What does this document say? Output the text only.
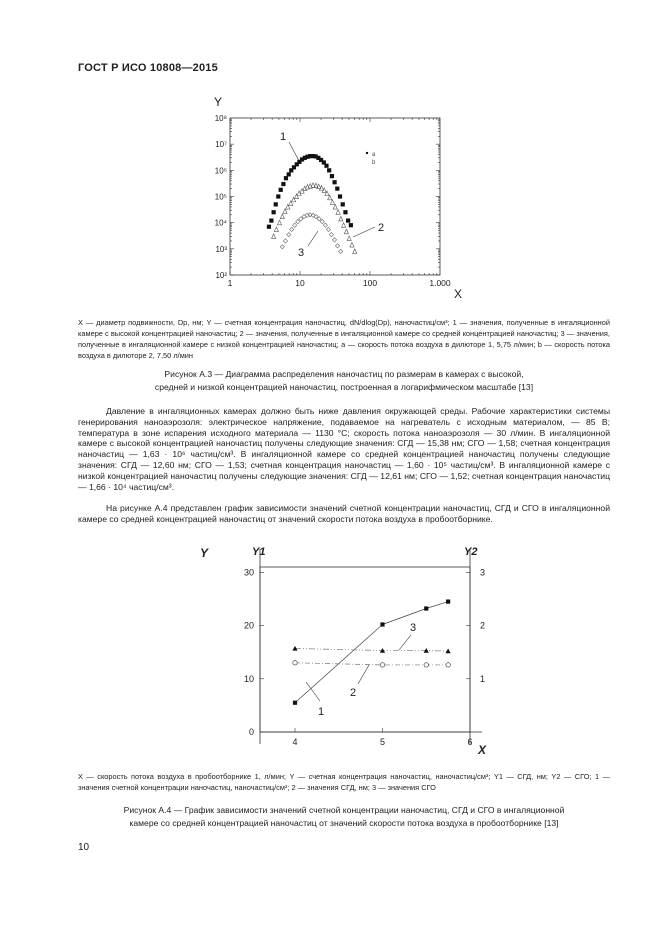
ГОСТ Р ИСО 10808—2015
1	10	100	1.000
10²
10³
10⁴
10⁵
10⁶
10⁷
10⁸
Y
X
a
b
1
2
3
X — диаметр подвижности, Dp, нм; Y — счетная концентрация наночастиц, dN/dlog(Dp), наночастиц/см³; 1 — значения, полученные в ингаляционной камере с высокой концентрацией наночастиц; 2 — значения, полученные в ингаляционной камере со средней концентрацией наночастиц; 3 — значения, полученные в ингаляционной камере с низкой концентрацией наночастиц; a — скорость потока воздуха в дилюторе 1, 5,75 л/мин; b — скорость потока воздуха в дилюторе 2, 7,50 л/мин
Рисунок А.3 — Диаграмма распределения наночастиц по размерам в камерах с высокой,
средней и низкой концентрацией наночастиц, построенная в логарифмическом масштабе [13]
Давление в ингаляционных камерах должно быть ниже давления окружающей среды. Рабочие характеристики системы генерирования наноаэрозоля: электрическое напряжение, подаваемое на нагреватель с исходным материалом, — 85 В; температура в зоне испарения исходного материала — 1130 °С; скорость потока наноаэрозоля — 30 л/мин. В ингаляционной камере с высокой концентрацией наночастиц получены следующие значения: СГД — 15,38 нм; СГО — 1,58; счетная концентрация наночастиц — 1,63 · 10⁶ частиц/см³. В ингаляционной камере со средней концентрацией наночастиц получены следующие значения: СГД — 12,60 нм; СГО — 1,53; счетная концентрация наночастиц — 1,60 · 10⁵ частиц/см³. В ингаляционной камере с низкой концентрацией наночастиц получены следующие значения: СГД — 12,61 нм; СГО — 1,52; счетная концентрация наночастиц — 1,66 · 10⁴ частиц/см³.
На рисунке А.4 представлен график зависимости значений счетной концентрации наночастиц, СГД и СГО в ингаляционной камере со средней концентрацией наночастиц от значений скорости потока воздуха в пробоотборнике.
4	5	6
0
10
20
30
1
2
3
Y	Y1	Y2
X
1
2
3
X — скорость потока воздуха в пробоотборнике 1, л/мин; Y — счетная концентрация наночастиц, наночастиц/см³; Y1 — СГД, нм; Y2 — СГО; 1 — значения счетной концентрации наночастиц, наночастиц/см³; 2 — значения СГД, нм; 3 — значения СГО
Рисунок А.4 — График зависимости значений счетной концентрации наночастиц, СГД и СГО в ингаляционной
камере со средней концентрацией наночастиц от значений скорости потока воздуха в пробоотборнике [13]
10
